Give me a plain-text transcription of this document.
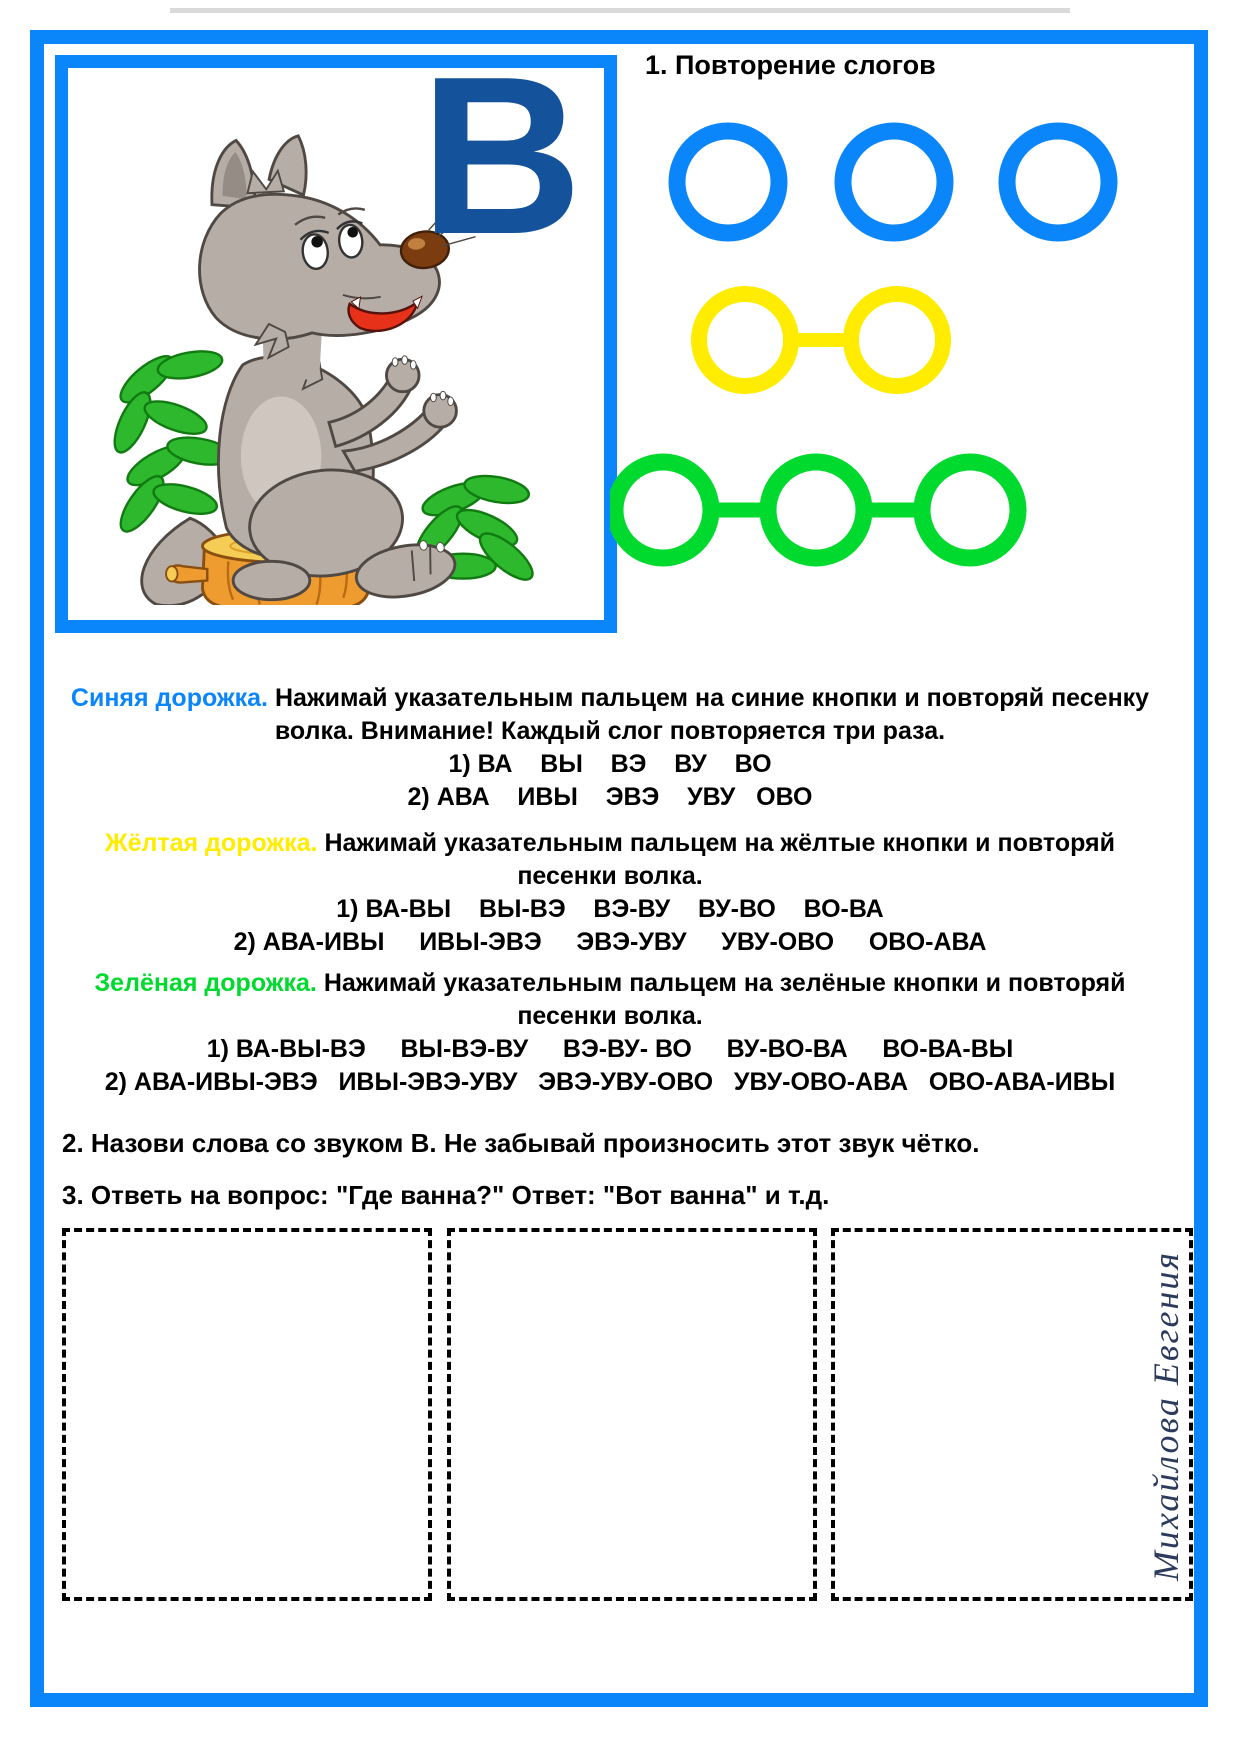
В 1. Повторение слогов
Синяя дорожка. Нажимай указательным пальцем на синие кнопки и повторяй песенку
волка. Внимание! Каждый слог повторяется три раза.
1) ВА    ВЫ    ВЭ    ВУ    ВО
2) АВА    ИВЫ    ЭВЭ    УВУ   ОВО
Жёлтая дорожка. Нажимай указательным пальцем на жёлтые кнопки и повторяй
песенки волка.
1) ВА-ВЫ    ВЫ-ВЭ    ВЭ-ВУ    ВУ-ВО    ВО-ВА
2) АВА-ИВЫ     ИВЫ-ЭВЭ     ЭВЭ-УВУ     УВУ-ОВО     ОВО-АВА
Зелёная дорожка. Нажимай указательным пальцем на зелёные кнопки и повторяй
песенки волка.
1) ВА-ВЫ-ВЭ     ВЫ-ВЭ-ВУ     ВЭ-ВУ- ВО     ВУ-ВО-ВА     ВО-ВА-ВЫ
2) АВА-ИВЫ-ЭВЭ   ИВЫ-ЭВЭ-УВУ   ЭВЭ-УВУ-ОВО   УВУ-ОВО-АВА   ОВО-АВА-ИВЫ
2. Назови слова со звуком В. Не забывай произносить этот звук чётко.
3. Ответь на вопрос: "Где ванна?" Ответ: "Вот ванна" и т.д.
Михайлова Евгения
